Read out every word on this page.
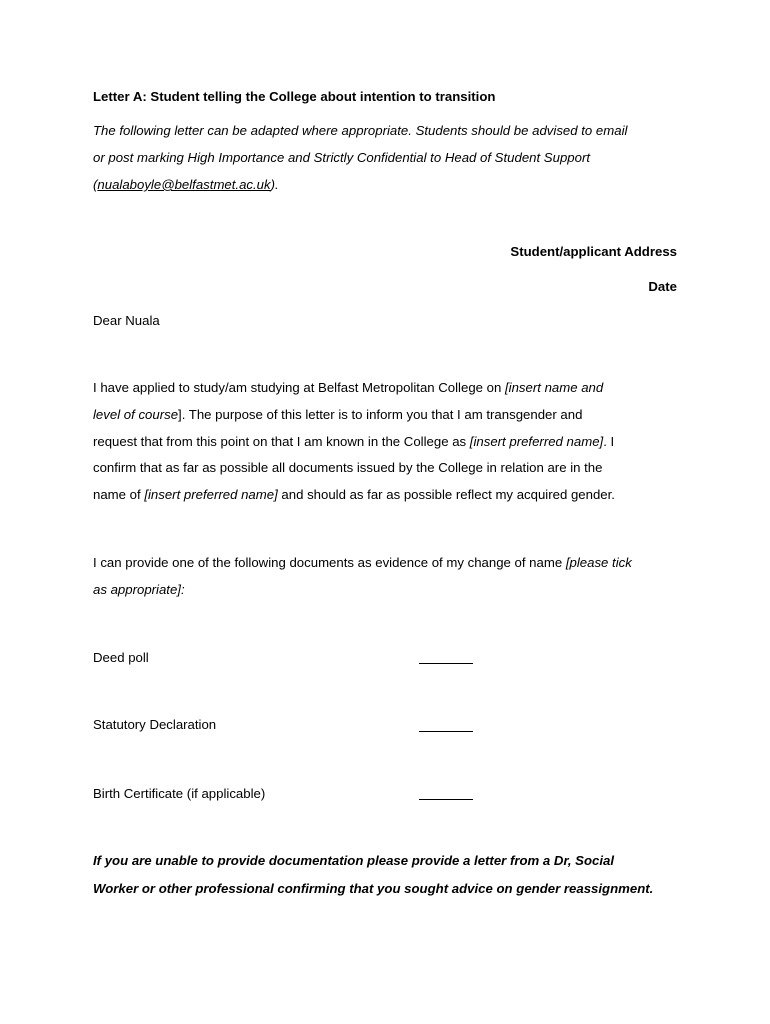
Letter A: Student telling the College about intention to transition
The following letter can be adapted where appropriate. Students should be advised to email
or post marking High Importance and Strictly Confidential to Head of Student Support
(nualaboyle@belfastmet.ac.uk).
Student/applicant Address
Date
Dear Nuala
I have applied to study/am studying at Belfast Metropolitan College on [insert name and
level of course]. The purpose of this letter is to inform you that I am transgender and
request that from this point on that I am known in the College as [insert preferred name]. I
confirm that as far as possible all documents issued by the College in relation are in the
name of [insert preferred name] and should as far as possible reflect my acquired gender.
I can provide one of the following documents as evidence of my change of name [please tick
as appropriate]:
Deed poll
Statutory Declaration
Birth Certificate (if applicable)
If you are unable to provide documentation please provide a letter from a Dr, Social
Worker or other professional confirming that you sought advice on gender reassignment.
